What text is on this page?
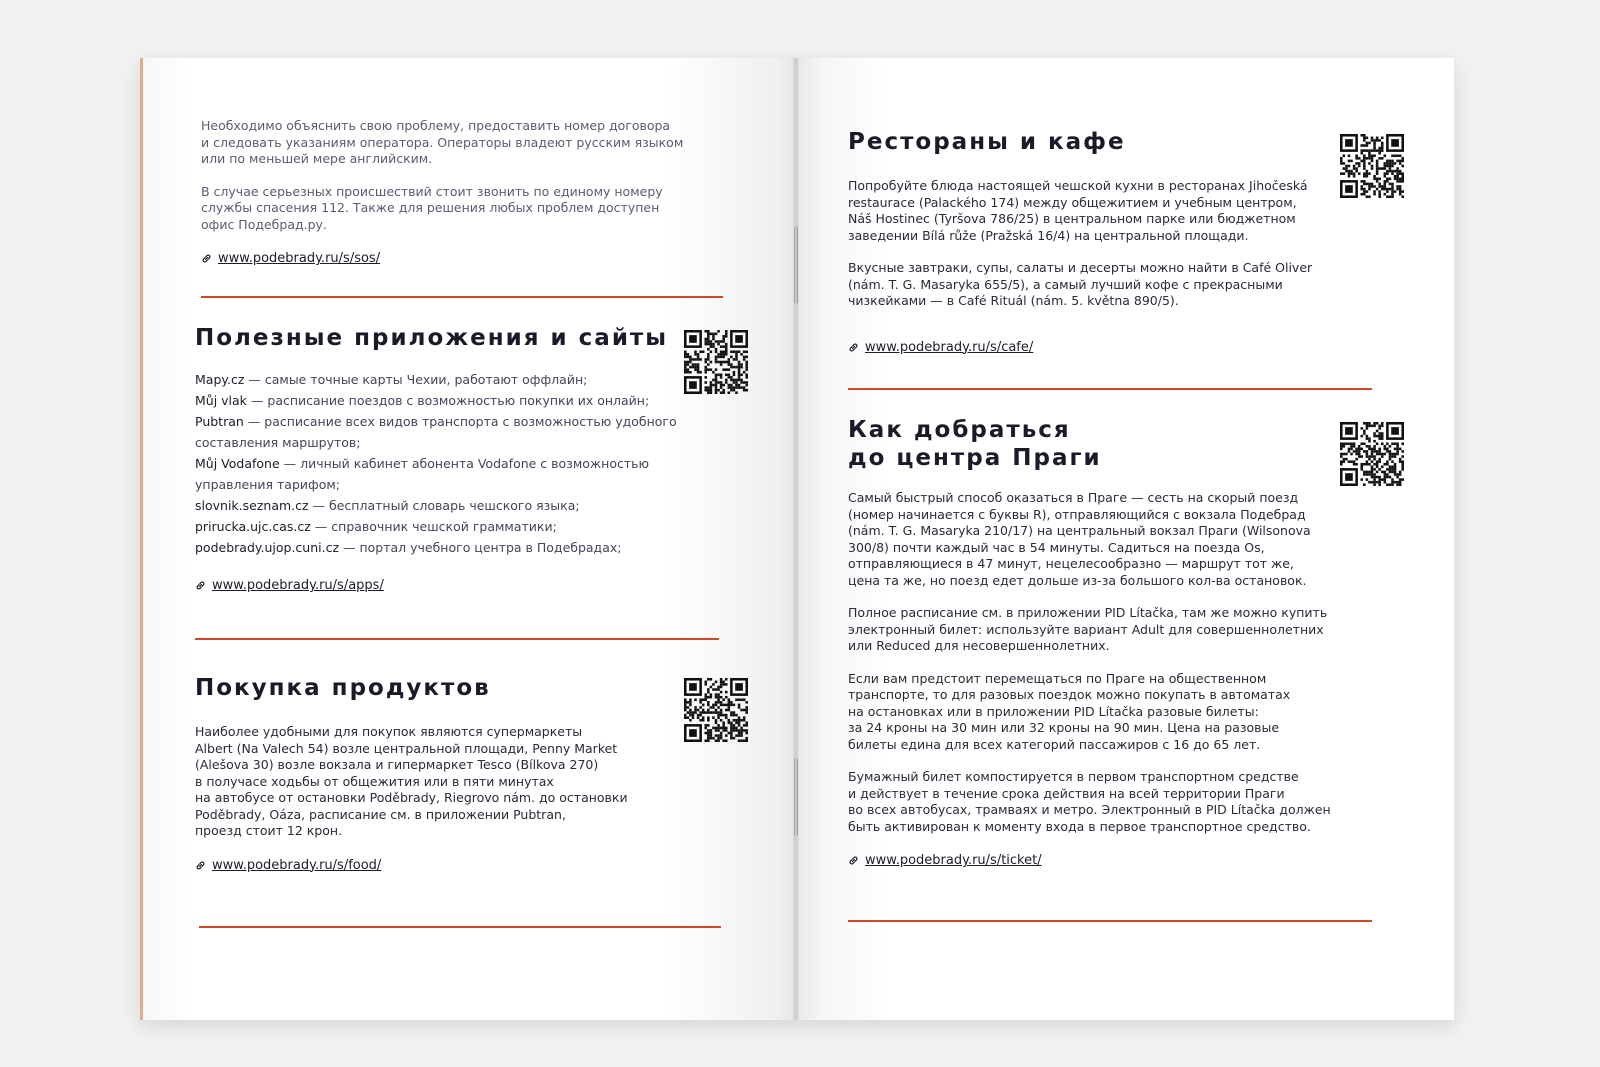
Необходимо объяснить свою проблему, предоставить номер договора
и следовать указаниям оператора. Операторы владеют русским языком
или по меньшей мере английским.

В случае серьезных происшествий стоит звонить по единому номеру
службы спасения 112. Также для решения любых проблем доступен
офис Подебрад.ру.

www.podebrady.ru/s/sos/
Полезные приложения и сайты
Mapy.cz — самые точные карты Чехии, работают оффлайн;
Můj vlak — расписание поездов с возможностью покупки их онлайн;
Pubtran — расписание всех видов транспорта с возможностью удобного
составления маршрутов;
Můj Vodafone — личный кабинет абонента Vodafone с возможностью
управления тарифом;
slovnik.seznam.cz — бесплатный словарь чешского языка;
prirucka.ujc.cas.cz — справочник чешской грамматики;
podebrady.ujop.cuni.cz — портал учебного центра в Подебрадах;
www.podebrady.ru/s/apps/
Покупка продуктов

Наиболее удобными для покупок являются супермаркеты
Albert (Na Valech 54) возле центральной площади, Penny Market
(Alešova 30) возле вокзала и гипермаркет Tesco (Bílkova 270)
в получасе ходьбы от общежития или в пяти минутах
на автобусе от остановки Poděbrady, Riegrovo nám. до остановки
Poděbrady, Oáza, расписание см. в приложении Pubtran,
проезд стоит 12 крон.

www.podebrady.ru/s/food/
Рестораны и кафе

Попробуйте блюда настоящей чешской кухни в ресторанах Jihočeská
restaurace (Palackého 174) между общежитием и учебным центром,
Náš Hostinec (Tyršova 786/25) в центральном парке или бюджетном
заведении Bílá růže (Pražská 16/4) на центральной площади.

Вкусные завтраки, супы, салаты и десерты можно найти в Café Oliver
(nám. T. G. Masaryka 655/5), а самый лучший кофе с прекрасными
чизкейками — в Café Rituál (nám. 5. května 890/5).

www.podebrady.ru/s/cafe/
Как добраться
до центра Праги

Самый быстрый способ оказаться в Праге — сесть на скорый поезд
(номер начинается с буквы R), отправляющийся с вокзала Подебрад
(nám. T. G. Masaryka 210/17) на центральный вокзал Праги (Wilsonova
300/8) почти каждый час в 54 минуты. Садиться на поезда Os,
отправляющиеся в 47 минут, нецелесообразно — маршрут тот же,
цена та же, но поезд едет дольше из-за большого кол-ва остановок.

Полное расписание см. в приложении PID Lítačka, там же можно купить
электронный билет: используйте вариант Adult для совершеннолетних
или Reduced для несовершеннолетних.

Если вам предстоит перемещаться по Праге на общественном
транспорте, то для разовых поездок можно покупать в автоматах
на остановках или в приложении PID Lítačka разовые билеты:
за 24 кроны на 30 мин или 32 кроны на 90 мин. Цена на разовые
билеты едина для всех категорий пассажиров с 16 до 65 лет.

Бумажный билет компостируется в первом транспортном средстве
и действует в течение срока действия на всей территории Праги
во всех автобусах, трамваях и метро. Электронный в PID Lítačka должен
быть активирован к моменту входа в первое транспортное средство.

www.podebrady.ru/s/ticket/
